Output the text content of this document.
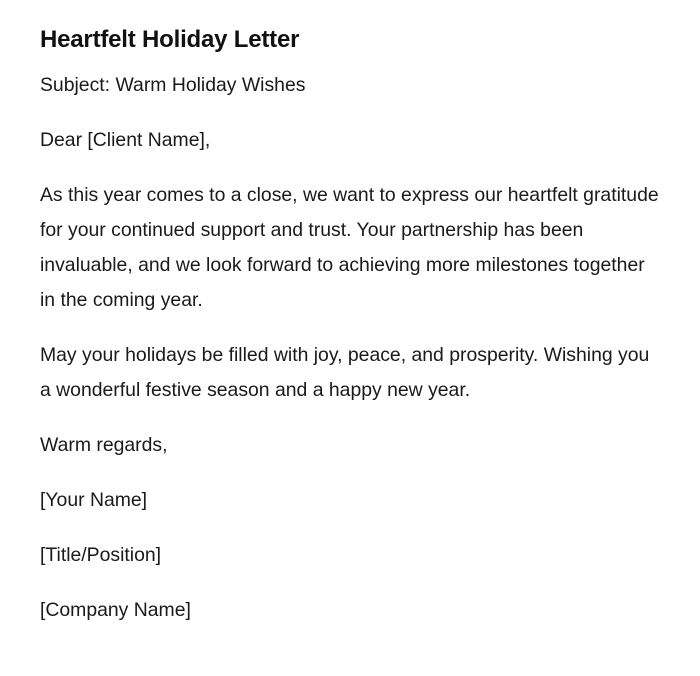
Heartfelt Holiday Letter

Subject: Warm Holiday Wishes

Dear [Client Name],

As this year comes to a close, we want to express our heartfelt gratitude for your continued support and trust. Your partnership has been invaluable, and we look forward to achieving more milestones together in the coming year.

May your holidays be filled with joy, peace, and prosperity. Wishing you a wonderful festive season and a happy new year.

Warm regards,

[Your Name]

[Title/Position]

[Company Name]
